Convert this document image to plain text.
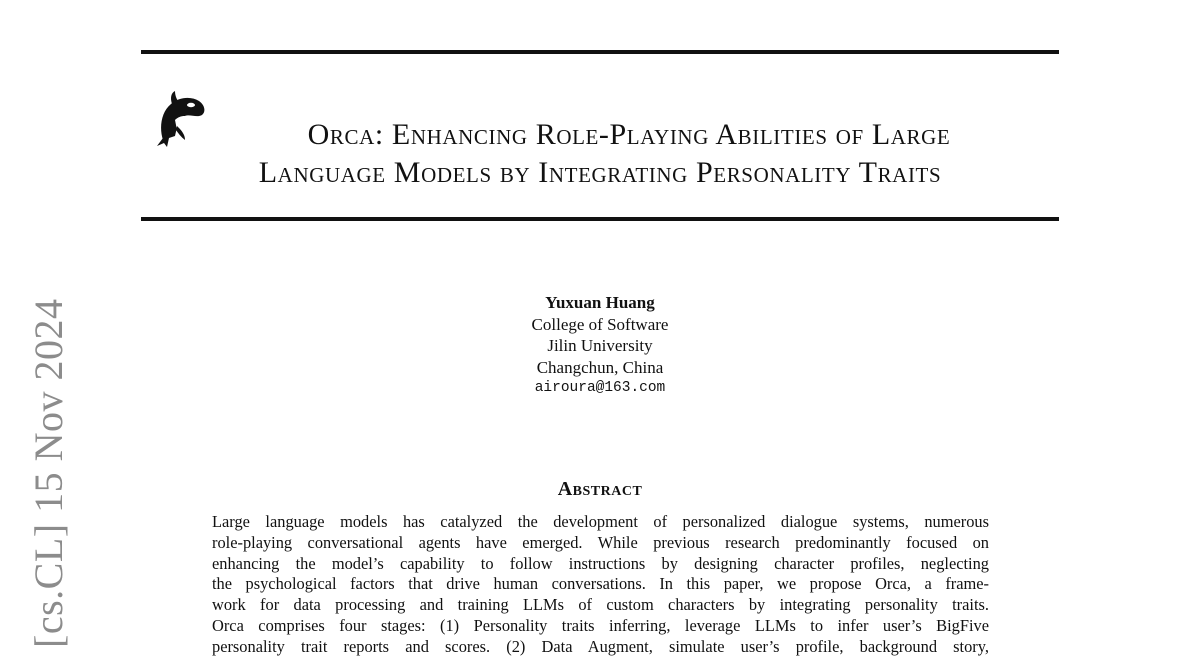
Orca: Enhancing Role-Playing Abilities of Large
Language Models by Integrating Personality Traits
Yuxuan Huang
College of Software
Jilin University
Changchun, China
airoura@163.com
Abstract
Large language models has catalyzed the development of personalized dialogue systems, numerous
role-playing conversational agents have emerged. While previous research predominantly focused on
enhancing the model’s capability to follow instructions by designing character profiles, neglecting
the psychological factors that drive human conversations. In this paper, we propose Orca, a frame-
work for data processing and training LLMs of custom characters by integrating personality traits.
Orca comprises four stages: (1) Personality traits inferring, leverage LLMs to infer user’s BigFive
personality trait reports and scores. (2) Data Augment, simulate user’s profile, background story,
[cs.CL] 15 Nov 2024
